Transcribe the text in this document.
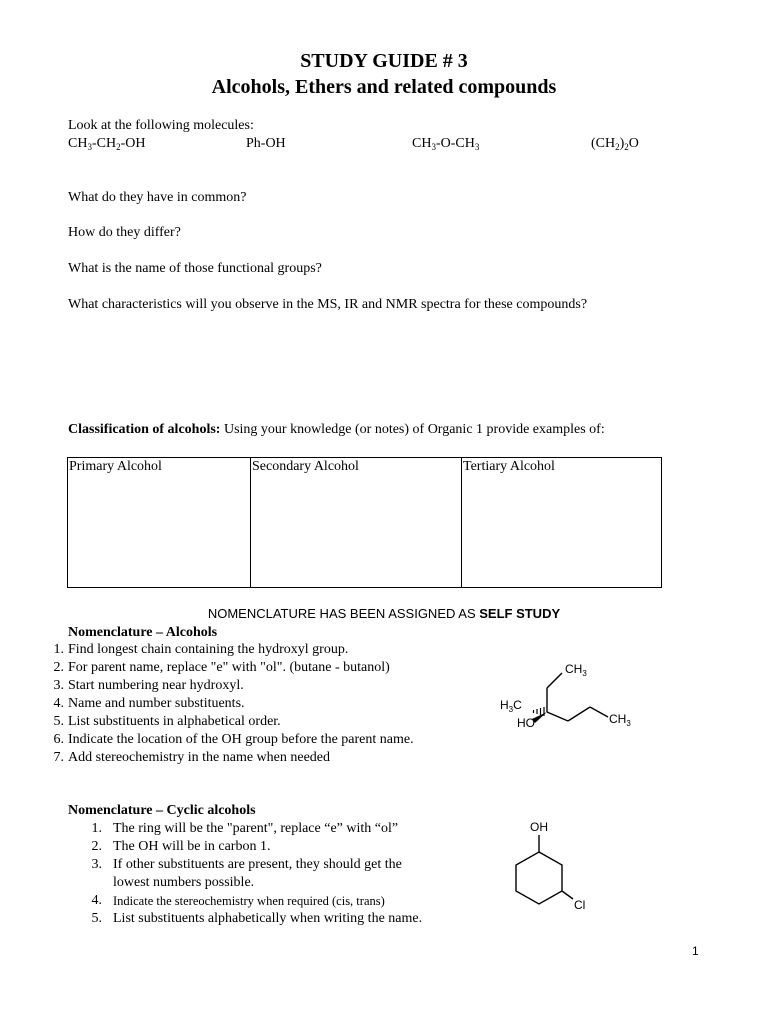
STUDY GUIDE # 3
Alcohols, Ethers and related compounds
Look at the following molecules:
$CH_3-CH_2-OH$	Ph-OH	$CH_3-O-CH_3$	$(CH_2)_2O$
What do they have in common?
How do they differ?
What is the name of those functional groups?
What characteristics will you observe in the MS, IR and NMR spectra for these compounds?
Classification of alcohols: Using your knowledge (or notes) of Organic 1 provide examples of:
Primary Alcohol	Secondary Alcohol	Tertiary Alcohol
NOMENCLATURE HAS BEEN ASSIGNED AS SELF STUDY
Nomenclature – Alcohols
1. Find longest chain containing the hydroxyl group.
2. For parent name, replace "e" with "ol". (butane - butanol)
3. Start numbering near hydroxyl.
4. Name and number substituents.
5. List substituents in alphabetical order.
6. Indicate the location of the OH group before the parent name.
7. Add stereochemistry in the name when needed
$CH_3$
$H_3C$
HO	$CH_3$
Nomenclature – Cyclic alcohols
1. The ring will be the "parent", replace “e” with “ol”
2. The OH will be in carbon 1.
3. If other substituents are present, they should get the
lowest numbers possible.
4. Indicate the stereochemistry when required (cis, trans)
5. List substituents alphabetically when writing the name.
OH
Cl
1
